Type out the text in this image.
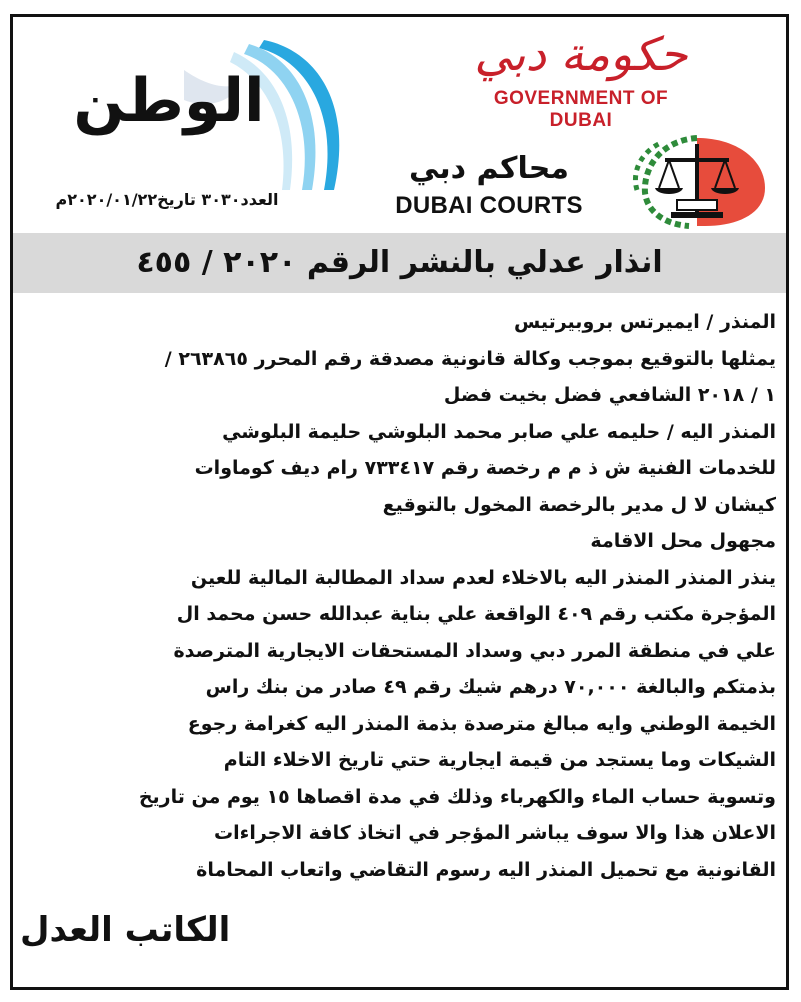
حكومة دبي
GOVERNMENT OF DUBAI
محاكم دبي
DUBAI COURTS
الوطن
العدد٣٠٣٠ تاريخ٢٠٢٠/٠١/٢٢م
انذار عدلي بالنشر الرقم ٢٠٢٠ / ٤٥٥
المنذر / ايميرتس بروبيرتيس
يمثلها بالتوقيع بموجب وكالة قانونية مصدقة رقم المحرر ٢٦٣٨٦٥ /
١ / ٢٠١٨ الشافعي فضل بخيت فضل
المنذر اليه / حليمه علي صابر محمد البلوشي حليمة البلوشي
للخدمات الفنية ش ذ م م رخصة رقم ٧٣٣٤١٧ رام ديف كوماوات
كيشان لا ل مدير بالرخصة المخول بالتوقيع
مجهول محل الاقامة
ينذر المنذر المنذر اليه بالاخلاء لعدم سداد المطالبة المالية للعين
المؤجرة مكتب رقم ٤٠٩ الواقعة علي بناية عبدالله حسن محمد ال
علي في منطقة المرر دبي وسداد المستحقات الايجارية المترصدة
بذمتكم والبالغة ٧٠,٠٠٠ درهم شيك رقم ٤٩ صادر من بنك راس
الخيمة الوطني وايه مبالغ مترصدة بذمة المنذر اليه كغرامة رجوع
الشيكات وما يستجد من قيمة ايجارية حتي تاريخ الاخلاء التام
وتسوية حساب الماء والكهرباء وذلك في مدة اقصاها ١٥ يوم من تاريخ
الاعلان هذا والا سوف يباشر المؤجر في اتخاذ كافة الاجراءات
القانونية مع تحميل المنذر اليه رسوم التقاضي واتعاب المحاماة
الكاتب العدل
